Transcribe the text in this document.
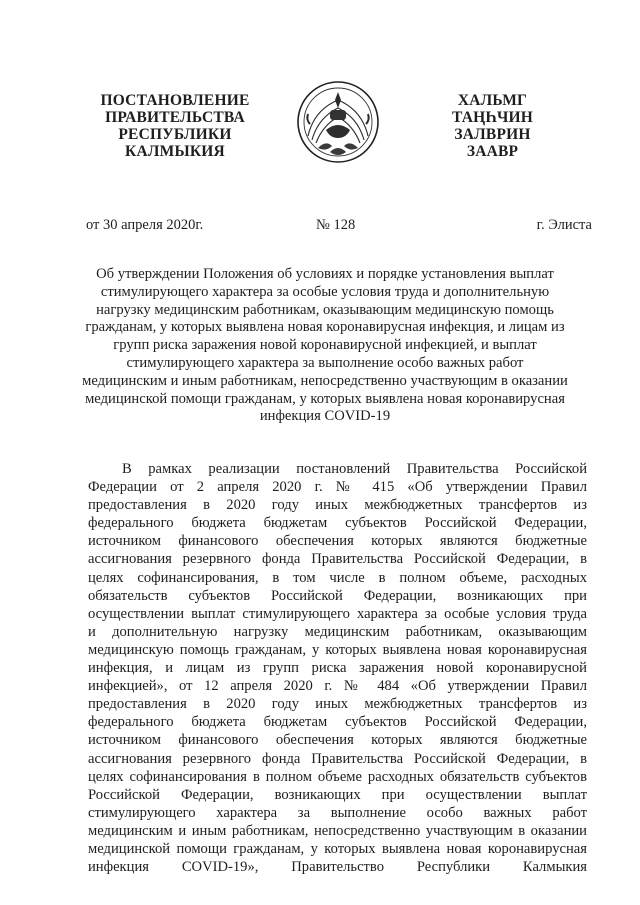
ПОСТАНОВЛЕНИЕ
ПРАВИТЕЛЬСТВА
РЕСПУБЛИКИ
КАЛМЫКИЯ
ХАЛЬМГ
ТАҢҺЧИН
ЗАЛВРИН
ЗААВР
от 30 апреля 2020г.	№ 128	г. Элиста
Об утверждении Положения об условиях и порядке установления выплат
стимулирующего характера за особые условия труда и дополнительную
нагрузку медицинским работникам, оказывающим медицинскую помощь
гражданам, у которых выявлена новая коронавирусная инфекция, и лицам из
групп риска заражения новой коронавирусной инфекцией, и выплат
стимулирующего характера за выполнение особо важных работ
медицинским и иным работникам, непосредственно участвующим в оказании
медицинской помощи гражданам, у которых выявлена новая коронавирусная
инфекция COVID-19
В рамках реализации постановлений Правительства Российской
Федерации от 2 апреля 2020 г. № 415 «Об утверждении Правил
предоставления в 2020 году иных межбюджетных трансфертов из
федерального бюджета бюджетам субъектов Российской Федерации,
источником финансового обеспечения которых являются бюджетные
ассигнования резервного фонда Правительства Российской Федерации, в
целях софинансирования, в том числе в полном объеме, расходных
обязательств субъектов Российской Федерации, возникающих при
осуществлении выплат стимулирующего характера за особые условия труда
и дополнительную нагрузку медицинским работникам, оказывающим
медицинскую помощь гражданам, у которых выявлена новая коронавирусная
инфекция, и лицам из групп риска заражения новой коронавирусной
инфекцией», от 12 апреля 2020 г. № 484 «Об утверждении Правил
предоставления в 2020 году иных межбюджетных трансфертов из
федерального бюджета бюджетам субъектов Российской Федерации,
источником финансового обеспечения которых являются бюджетные
ассигнования резервного фонда Правительства Российской Федерации, в
целях софинансирования в полном объеме расходных обязательств субъектов
Российской Федерации, возникающих при осуществлении выплат
стимулирующего характера за выполнение особо важных работ
медицинским и иным работникам, непосредственно участвующим в оказании
медицинской помощи гражданам, у которых выявлена новая коронавирусная
инфекция COVID-19», Правительство Республики Калмыкия
